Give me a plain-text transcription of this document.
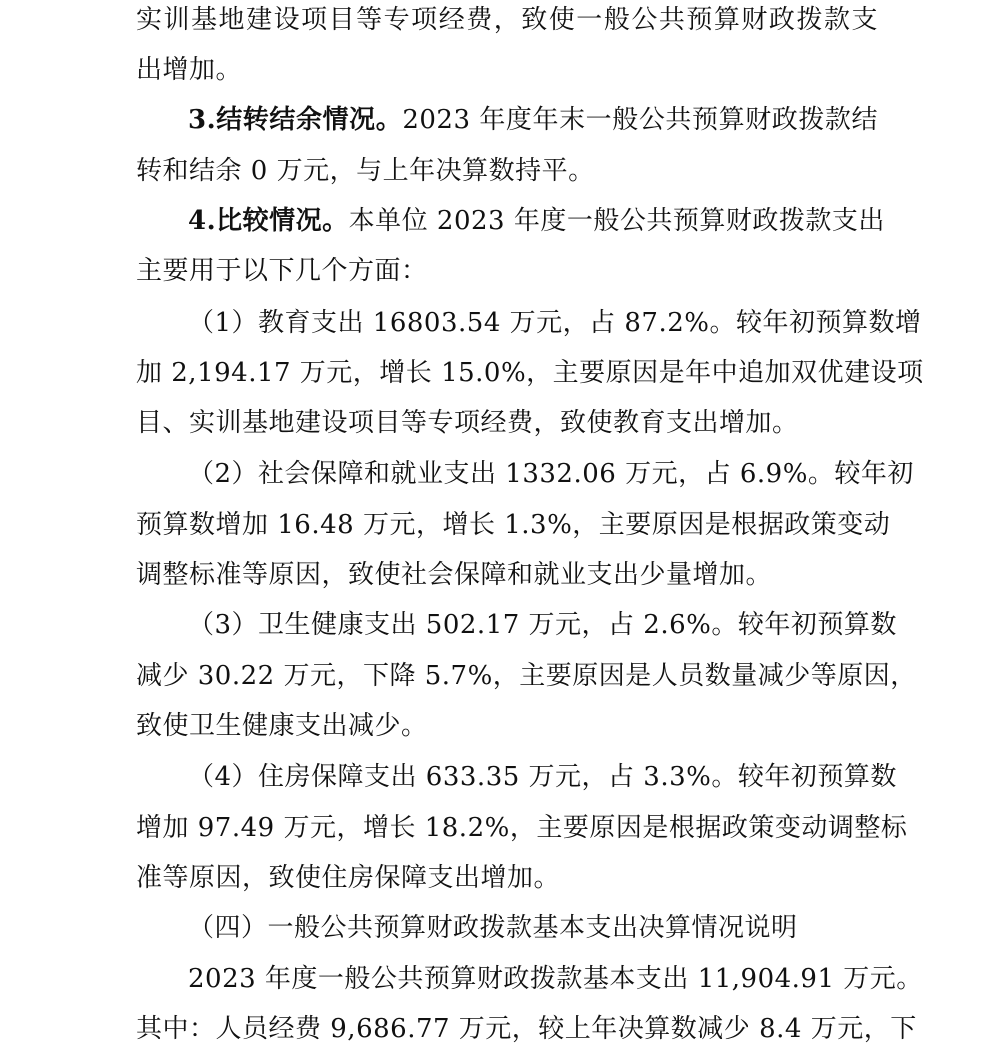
实训基地建设项目等专项经费，致使一般公共预算财政拨款支
出增加。
3.结转结余情况。2023 年度年末一般公共预算财政拨款结
转和结余 0 万元，与上年决算数持平。
4.比较情况。本单位 2023 年度一般公共预算财政拨款支出
主要用于以下几个方面：
（1）教育支出 16803.54 万元，占 87.2%。较年初预算数增
加 2,194.17 万元，增长 15.0%，主要原因是年中追加双优建设项
目、实训基地建设项目等专项经费，致使教育支出增加。
（2）社会保障和就业支出 1332.06 万元，占 6.9%。较年初
预算数增加 16.48 万元，增长 1.3%，主要原因是根据政策变动
调整标准等原因，致使社会保障和就业支出少量增加。
（3）卫生健康支出 502.17 万元，占 2.6%。较年初预算数
减少 30.22 万元，下降 5.7%，主要原因是人员数量减少等原因，
致使卫生健康支出减少。
（4）住房保障支出 633.35 万元，占 3.3%。较年初预算数
增加 97.49 万元，增长 18.2%，主要原因是根据政策变动调整标
准等原因，致使住房保障支出增加。
（四）一般公共预算财政拨款基本支出决算情况说明
2023 年度一般公共预算财政拨款基本支出 11,904.91 万元。
其中：人员经费 9,686.77 万元，较上年决算数减少 8.4 万元，下
